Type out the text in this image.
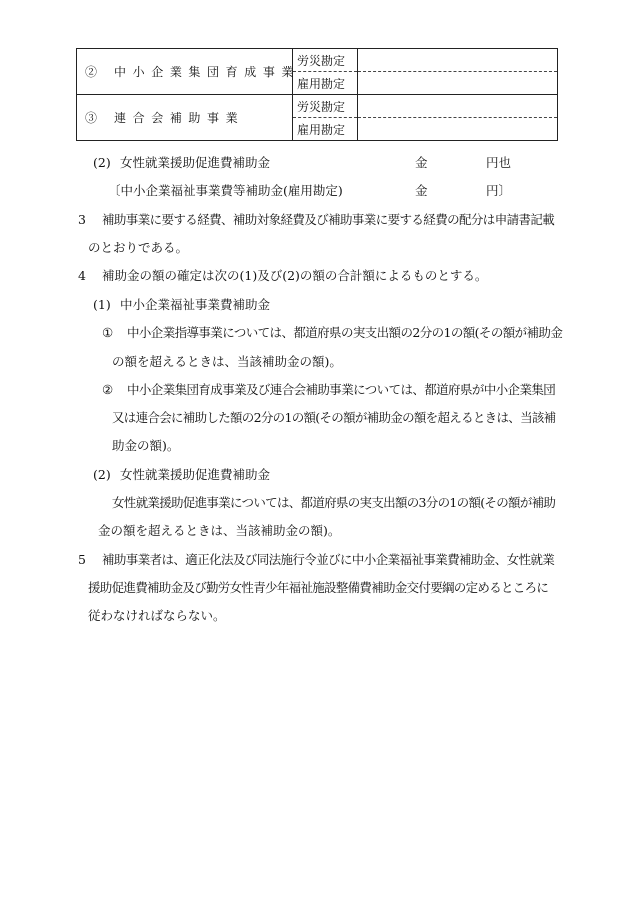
② 中小企業集団育成事業	労災勘定	
	雇用勘定	
③ 連合会補助事業	労災勘定	
	雇用勘定	
(2) 女性就業援助促進費補助金	金	円也
〔中小企業福祉事業費等補助金(雇用勘定)	金	円〕
3 補助事業に要する経費、補助対象経費及び補助事業に要する経費の配分は申請書記載
のとおりである。
4 補助金の額の確定は次の(1)及び(2)の額の合計額によるものとする。
(1) 中小企業福祉事業費補助金
① 中小企業指導事業については、都道府県の実支出額の2分の1の額(その額が補助金
の額を超えるときは、当該補助金の額)。
② 中小企業集団育成事業及び連合会補助事業については、都道府県が中小企業集団
又は連合会に補助した額の2分の1の額(その額が補助金の額を超えるときは、当該補
助金の額)。
(2) 女性就業援助促進費補助金
女性就業援助促進事業については、都道府県の実支出額の3分の1の額(その額が補助
金の額を超えるときは、当該補助金の額)。
5 補助事業者は、適正化法及び同法施行令並びに中小企業福祉事業費補助金、女性就業
援助促進費補助金及び勤労女性青少年福祉施設整備費補助金交付要綱の定めるところに
従わなければならない。
